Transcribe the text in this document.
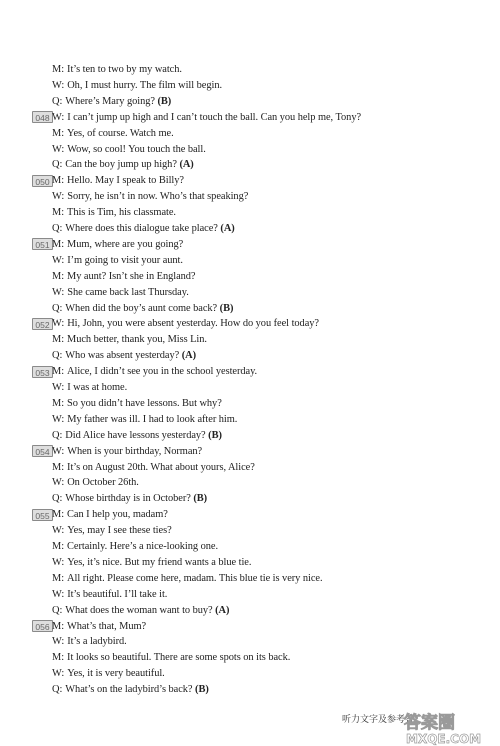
M: It’s ten to two by my watch.
W: Oh, I must hurry. The film will begin.
Q: Where’s Mary going? (B)
048 W: I can’t jump up high and I can’t touch the ball. Can you help me, Tony?
M: Yes, of course. Watch me.
W: Wow, so cool! You touch the ball.
Q: Can the boy jump up high? (A)
050 M: Hello. May I speak to Billy?
W: Sorry, he isn’t in now. Who’s that speaking?
M: This is Tim, his classmate.
Q: Where does this dialogue take place? (A)
051 M: Mum, where are you going?
W: I’m going to visit your aunt.
M: My aunt? Isn’t she in England?
W: She came back last Thursday.
Q: When did the boy’s aunt come back? (B)
052 W: Hi, John, you were absent yesterday. How do you feel today?
M: Much better, thank you, Miss Lin.
Q: Who was absent yesterday? (A)
053 M: Alice, I didn’t see you in the school yesterday.
W: I was at home.
M: So you didn’t have lessons. But why?
W: My father was ill. I had to look after him.
Q: Did Alice have lessons yesterday? (B)
054 W: When is your birthday, Norman?
M: It’s on August 20th. What about yours, Alice?
W: On October 26th.
Q: Whose birthday is in October? (B)
055 M: Can I help you, madam?
W: Yes, may I see these ties?
M: Certainly. Here’s a nice-looking one.
W: Yes, it’s nice. But my friend wants a blue tie.
M: All right. Please come here, madam. This blue tie is very nice.
W: It’s beautiful. I’ll take it.
Q: What does the woman want to buy? (A)
056 M: What’s that, Mum?
W: It’s a ladybird.
M: It looks so beautiful. There are some spots on its back.
W: Yes, it is very beautiful.
Q: What’s on the ladybird’s back? (B)
听力文字及参考答
答案圈
MXQE.COM
